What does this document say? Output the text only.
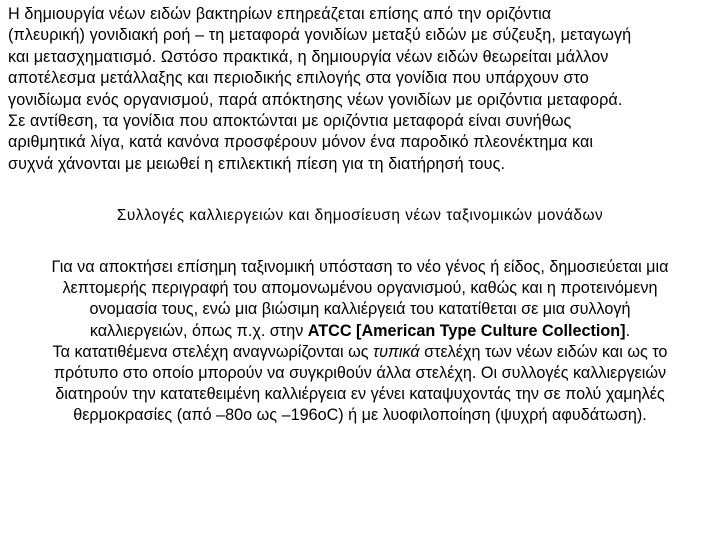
Η δημιουργία νέων ειδών βακτηρίων επηρεάζεται επίσης από την οριζόντια
(πλευρική) γονιδιακή ροή – τη μεταφορά γονιδίων μεταξύ ειδών με σύζευξη, μεταγωγή
και μετασχηματισμό. Ωστόσο πρακτικά, η δημιουργία νέων ειδών θεωρείται μάλλον
αποτέλεσμα μετάλλαξης και περιοδικής επιλογής στα γονίδια που υπάρχουν στο
γονιδίωμα ενός οργανισμού, παρά απόκτησης νέων γονιδίων με οριζόντια μεταφορά.
Σε αντίθεση, τα γονίδια που αποκτώνται με οριζόντια μεταφορά είναι συνήθως
αριθμητικά λίγα, κατά κανόνα προσφέρουν μόνον ένα παροδικό πλεονέκτημα και
συχνά χάνονται με μειωθεί η επιλεκτική πίεση για τη διατήρησή τους.
Συλλογές καλλιεργειών και δημοσίευση νέων ταξινομικών μονάδων
Για να αποκτήσει επίσημη ταξινομική υπόσταση το νέο γένος ή είδος, δημοσιεύεται μια
λεπτομερής περιγραφή του απομονωμένου οργανισμού, καθώς και η προτεινόμενη
ονομασία τους, ενώ μια βιώσιμη καλλιέργειά του κατατίθεται σε μια συλλογή
καλλιεργειών, όπως π.χ. στην ATCC [American Type Culture Collection].
Τα κατατιθέμενα στελέχη αναγνωρίζονται ως τυπικά στελέχη των νέων ειδών και ως το
πρότυπο στο οποίο μπορούν να συγκριθούν άλλα στελέχη. Οι συλλογές καλλιεργειών
διατηρούν την κατατεθειμένη καλλιέργεια εν γένει καταψυχοντάς την σε πολύ χαμηλές
θερμοκρασίες (από –80ο ως –196οC) ή με λυοφιλοποίηση (ψυχρή αφυδάτωση).
